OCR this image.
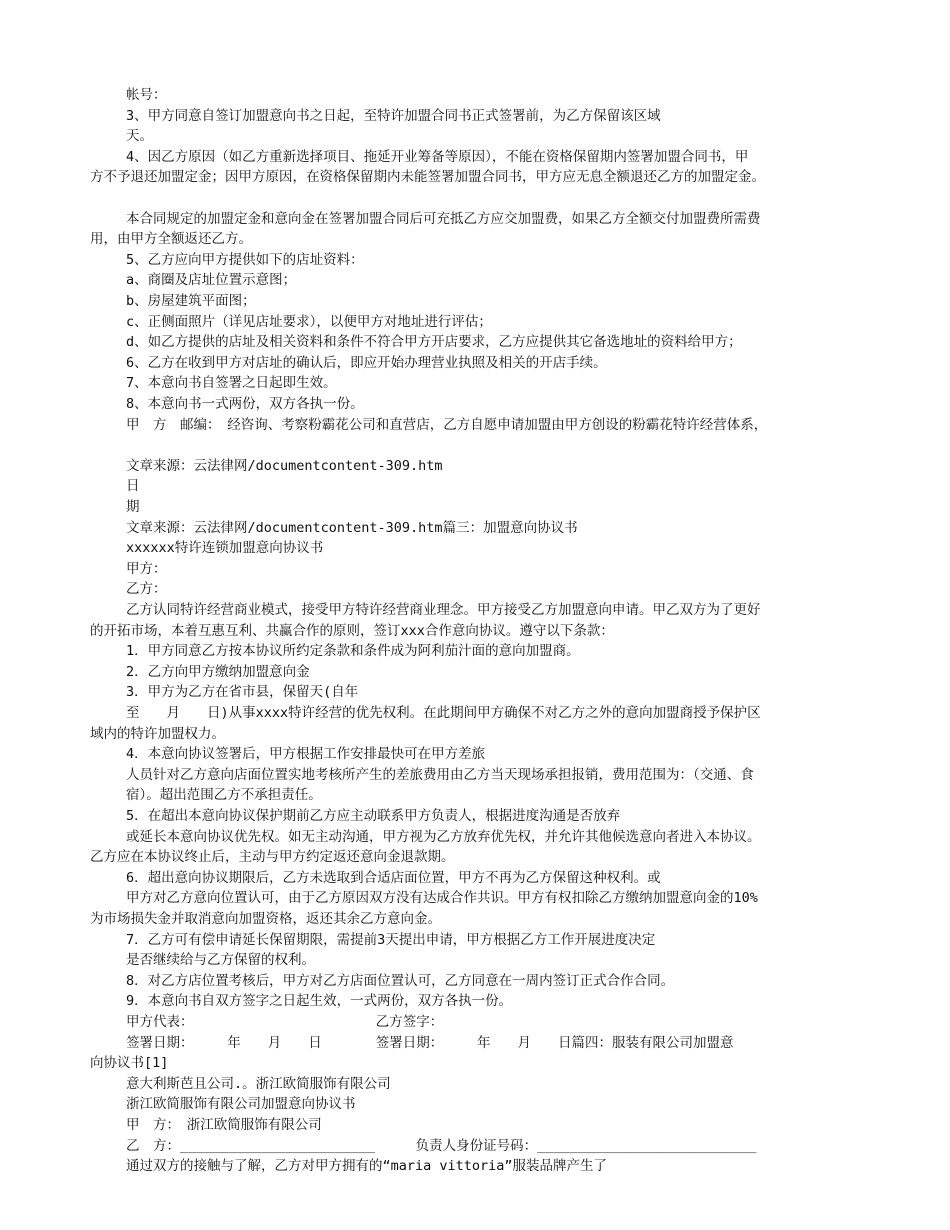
帐号：
3、甲方同意自签订加盟意向书之日起，至特许加盟合同书正式签署前，为乙方保留该区域
天。
4、因乙方原因（如乙方重新选择项目、拖延开业筹备等原因），不能在资格保留期内签署加盟合同书，甲
方不予退还加盟定金；因甲方原因，在资格保留期内未能签署加盟合同书，甲方应无息全额退还乙方的加盟定金。
本合同规定的加盟定金和意向金在签署加盟合同后可充抵乙方应交加盟费，如果乙方全额交付加盟费所需费
用，由甲方全额返还乙方。
5、乙方应向甲方提供如下的店址资料：
a、商圈及店址位置示意图；
b、房屋建筑平面图；
c、正侧面照片（详见店址要求），以便甲方对地址进行评估；
d、如乙方提供的店址及相关资料和条件不符合甲方开店要求，乙方应提供其它备选地址的资料给甲方；
6、乙方在收到甲方对店址的确认后，即应开始办理营业执照及相关的开店手续。
7、本意向书自签署之日起即生效。
8、本意向书一式两份，双方各执一份。
甲　方　邮编：　经咨询、考察粉霸花公司和直营店，乙方自愿申请加盟由甲方创设的粉霸花特许经营体系，
文章来源：云法律网/documentcontent-309.htm
日
期
文章来源：云法律网/documentcontent-309.htm篇三：加盟意向协议书
xxxxxx特许连锁加盟意向协议书
甲方：
乙方：
乙方认同特许经营商业模式，接受甲方特许经营商业理念。甲方接受乙方加盟意向申请。甲乙双方为了更好
的开拓市场，本着互惠互利、共赢合作的原则，签订xxx合作意向协议。遵守以下条款：
1．甲方同意乙方按本协议所约定条款和条件成为阿利茄汁面的意向加盟商。
2．乙方向甲方缴纳加盟意向金
3．甲方为乙方在省市县，保留天(自年
至　　月　　日)从事xxxx特许经营的优先权利。在此期间甲方确保不对乙方之外的意向加盟商授予保护区
域内的特许加盟权力。
4．本意向协议签署后，甲方根据工作安排最快可在甲方差旅
人员针对乙方意向店面位置实地考核所产生的差旅费用由乙方当天现场承担报销，费用范围为：（交通、食
宿）。超出范围乙方不承担责任。
5．在超出本意向协议保护期前乙方应主动联系甲方负责人，根据进度沟通是否放弃
或延长本意向协议优先权。如无主动沟通，甲方视为乙方放弃优先权，并允许其他候选意向者进入本协议。
乙方应在本协议终止后，主动与甲方约定返还意向金退款期。
6．超出意向协议期限后，乙方未选取到合适店面位置，甲方不再为乙方保留这种权利。或
甲方对乙方意向位置认可，由于乙方原因双方没有达成合作共识。甲方有权扣除乙方缴纳加盟意向金的10%
为市场损失金并取消意向加盟资格，返还其余乙方意向金。
7．乙方可有偿申请延长保留期限，需提前3天提出申请，甲方根据乙方工作开展进度决定
是否继续给与乙方保留的权利。
8．对乙方店位置考核后，甲方对乙方店面位置认可，乙方同意在一周内签订正式合作合同。
9．本意向书自双方签字之日起生效，一式两份，双方各执一份。
甲方代表：　　　　　　　　　　　　　　乙方签字：
签署日期：　　　年　　月　　日　　　　签署日期：　　　年　　月　　日篇四：服装有限公司加盟意
向协议书[1]
意大利斯芭且公司.。浙江欧简服饰有限公司
浙江欧简服饰有限公司加盟意向协议书
甲　方：　浙江欧简服饰有限公司
乙　方：________________________　　　负责人身份证号码：___________________________
通过双方的接触与了解，乙方对甲方拥有的“maria vittoria”服装品牌产生了
